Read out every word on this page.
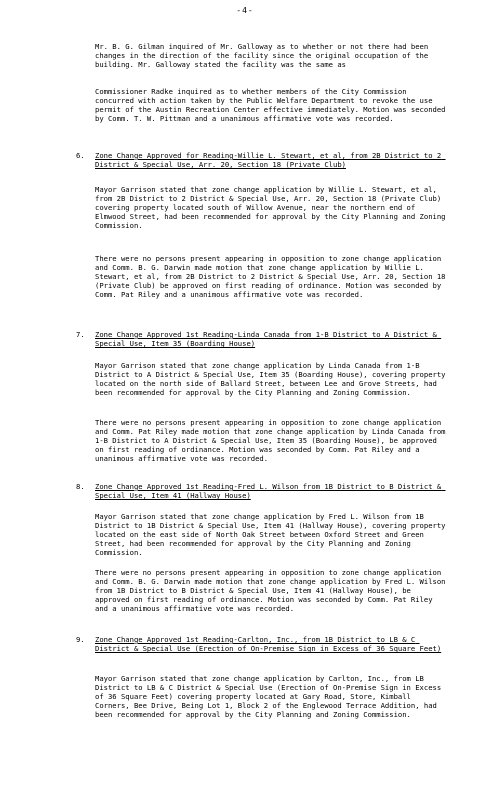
-4-
Mr. B. G. Gilman inquired of Mr. Galloway as to whether or not there had been changes in the direction of the facility since the original occupation of the building. Mr. Galloway stated the facility was the same as
Commissioner Radke inquired as to whether members of the City Commission concurred with action taken by the Public Welfare Department to revoke the use permit of the Austin Recreation Center effective immediately. Motion was seconded by Comm. T. W. Pittman and a unanimous affirmative vote was recorded.
6. Zone Change Approved for Reading-Willie L. Stewart, et al, from 2B District to 2 District & Special Use, Arr. 20, Section 18 (Private Club)
Mayor Garrison stated that zone change application by Willie L. Stewart, et al, from 2B District to 2 District & Special Use, Arr. 20, Section 18 (Private Club) covering property located south of Willow Avenue, near the northern end of Elmwood Street, had been recommended for approval by the City Planning and Zoning Commission.
There were no persons present appearing in opposition to zone change application and Comm. B. G. Darwin made motion that zone change application by Willie L. Stewart, et al, from 2B District to 2 District & Special Use, Arr. 20, Section 18 (Private Club) be approved on first reading of ordinance. Motion was seconded by Comm. Pat Riley and a unanimous affirmative vote was recorded.
7. Zone Change Approved 1st Reading-Linda Canada from 1-B District to A District & Special Use, Item 35 (Boarding House)
Mayor Garrison stated that zone change application by Linda Canada from 1-B District to A District & Special Use, Item 35 (Boarding House), covering property located on the north side of Ballard Street, between Lee and Grove Streets, had been recommended for approval by the City Planning and Zoning Commission.
There were no persons present appearing in opposition to zone change application and Comm. Pat Riley made motion that zone change application by Linda Canada from 1-B District to A District & Special Use, Item 35 (Boarding House), be approved on first reading of ordinance. Motion was seconded by Comm. Pat Riley and a unanimous affirmative vote was recorded.
8. Zone Change Approved 1st Reading-Fred L. Wilson from 1B District to B District & Special Use, Item 41 (Hallway House)
Mayor Garrison stated that zone change application by Fred L. Wilson from 1B District to 1B District & Special Use, Item 41 (Hallway House), covering property located on the east side of North Oak Street between Oxford Street and Green Street, had been recommended for approval by the City Planning and Zoning Commission.
There were no persons present appearing in opposition to zone change application and Comm. B. G. Darwin made motion that zone change application by Fred L. Wilson from 1B District to B District & Special Use, Item 41 (Hallway House), be approved on first reading of ordinance. Motion was seconded by Comm. Pat Riley and a unanimous affirmative vote was recorded.
9. Zone Change Approved 1st Reading-Carlton, Inc., from 1B District to LB & C District & Special Use (Erection of On-Premise Sign in Excess of 36 Square Feet)
Mayor Garrison stated that zone change application by Carlton, Inc., from LB District to LB & C District & Special Use (Erection of On-Premise Sign in Excess of 36 Square Feet) covering property located at Gary Road, Store, Kimball Corners, Bee Drive, Being Lot 1, Block 2 of the Englewood Terrace Addition, had been recommended for approval by the City Planning and Zoning Commission.
